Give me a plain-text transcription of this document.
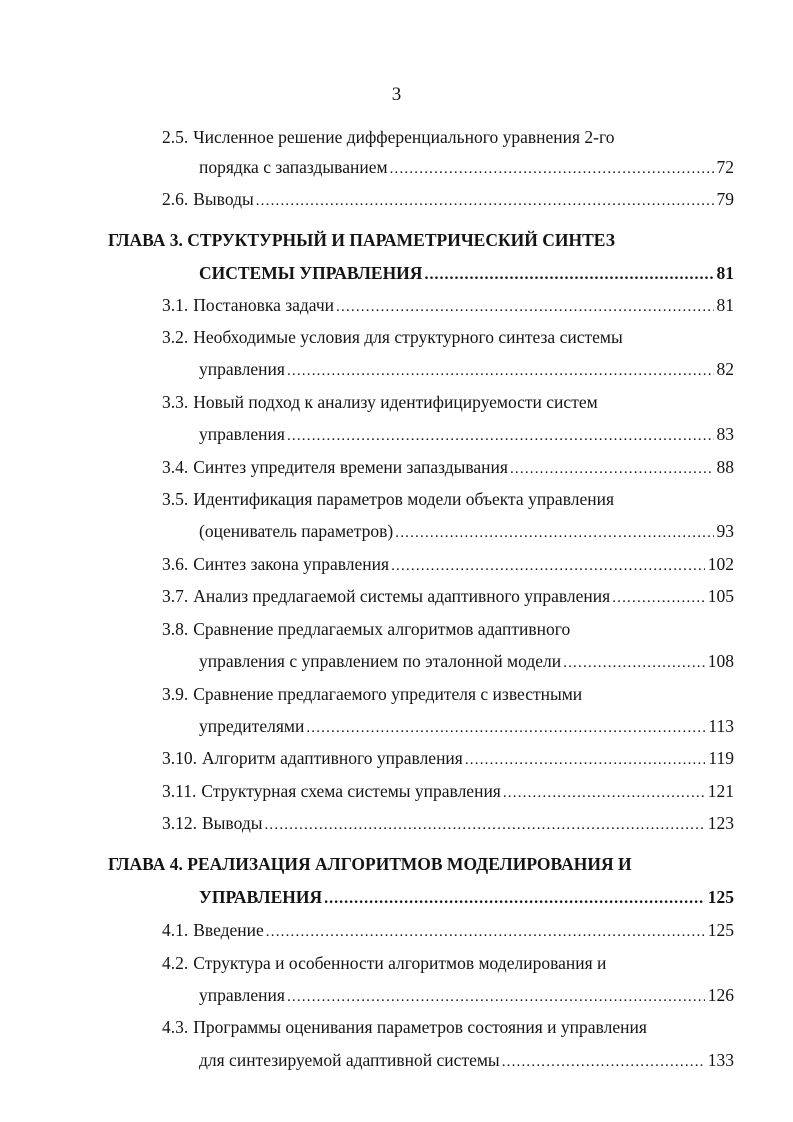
3
2.5. Численное решение дифференциального уравнения 2-го
порядка с запаздыванием .....	72
2.6. Выводы .....	79
ГЛАВА 3. СТРУКТУРНЫЙ И ПАРАМЕТРИЧЕСКИЙ СИНТЕЗ
СИСТЕМЫ УПРАВЛЕНИЯ .....	81
3.1. Постановка задачи .....	81
3.2. Необходимые условия для структурного синтеза системы
управления .....	82
3.3. Новый подход к анализу идентифицируемости систем
управления .....	83
3.4. Синтез упредителя времени запаздывания .....	88
3.5. Идентификация параметров модели объекта управления
(оцениватель параметров) .....	93
3.6. Синтез закона управления .....	102
3.7. Анализ предлагаемой системы адаптивного управления .....	105
3.8. Сравнение предлагаемых алгоритмов адаптивного
управления с управлением по эталонной модели .....	108
3.9. Сравнение предлагаемого упредителя с известными
упредителями .....	113
3.10. Алгоритм адаптивного управления .....	119
3.11. Структурная схема системы управления .....	121
3.12. Выводы .....	123
ГЛАВА 4. РЕАЛИЗАЦИЯ АЛГОРИТМОВ МОДЕЛИРОВАНИЯ И
УПРАВЛЕНИЯ .....	125
4.1. Введение .....	125
4.2. Структура и особенности алгоритмов моделирования и
управления .....	126
4.3. Программы оценивания параметров состояния и управления
для синтезируемой адаптивной системы .....	133
